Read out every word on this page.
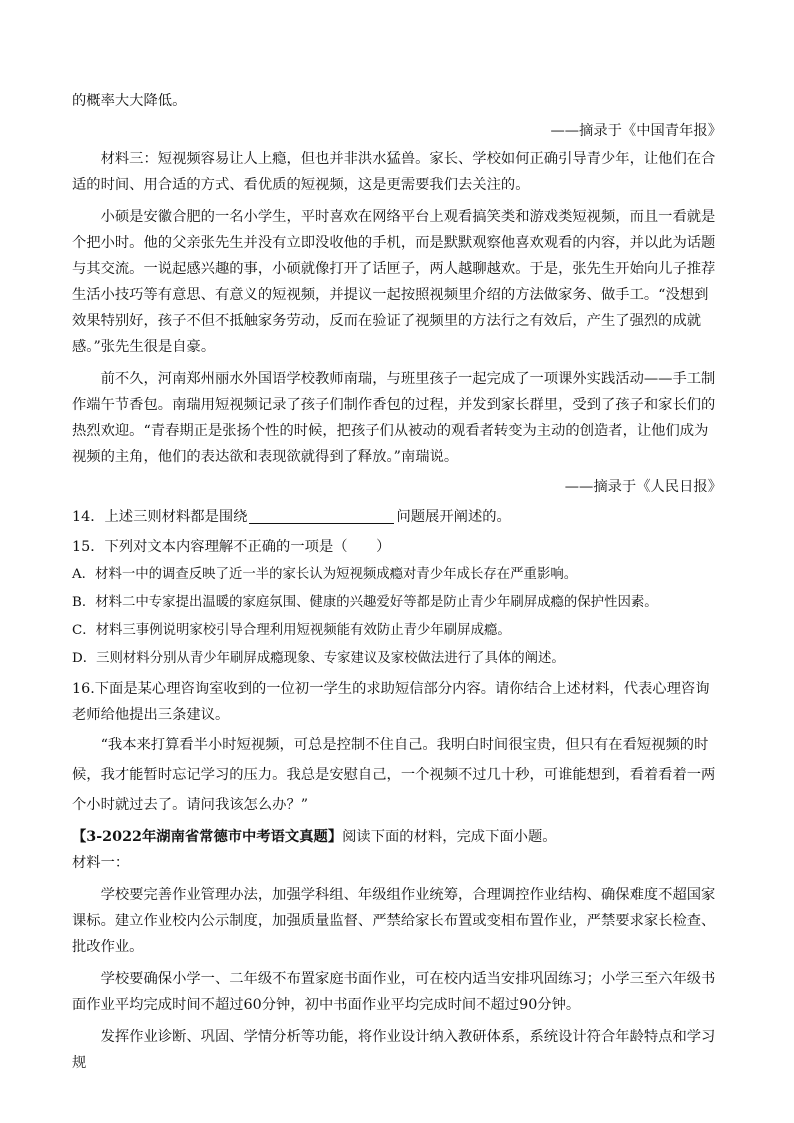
的概率大大降低。

——摘录于《中国青年报》

材料三：短视频容易让人上瘾，但也并非洪水猛兽。家长、学校如何正确引导青少年，让他们在合适的时间、用合适的方式、看优质的短视频，这是更需要我们去关注的。

小硕是安徽合肥的一名小学生，平时喜欢在网络平台上观看搞笑类和游戏类短视频，而且一看就是个把小时。他的父亲张先生并没有立即没收他的手机，而是默默观察他喜欢观看的内容，并以此为话题与其交流。一说起感兴趣的事，小硕就像打开了话匣子，两人越聊越欢。于是，张先生开始向儿子推荐生活小技巧等有意思、有意义的短视频，并提议一起按照视频里介绍的方法做家务、做手工。“没想到效果特别好，孩子不但不抵触家务劳动，反而在验证了视频里的方法行之有效后，产生了强烈的成就感。”张先生很是自豪。

前不久，河南郑州丽水外国语学校教师南瑞，与班里孩子一起完成了一项课外实践活动——手工制作端午节香包。南瑞用短视频记录了孩子们制作香包的过程，并发到家长群里，受到了孩子和家长们的热烈欢迎。“青春期正是张扬个性的时候，把孩子们从被动的观看者转变为主动的创造者，让他们成为视频的主角，他们的表达欲和表现欲就得到了释放。”南瑞说。

——摘录于《人民日报》

14．上述三则材料都是围绕	问题展开阐述的。

15．下列对文本内容理解不正确的一项是（　　）

A．材料一中的调查反映了近一半的家长认为短视频成瘾对青少年成长存在严重影响。

B．材料二中专家提出温暖的家庭氛围、健康的兴趣爱好等都是防止青少年刷屏成瘾的保护性因素。

C．材料三事例说明家校引导合理利用短视频能有效防止青少年刷屏成瘾。

D．三则材料分别从青少年刷屏成瘾现象、专家建议及家校做法进行了具体的阐述。

16.下面是某心理咨询室收到的一位初一学生的求助短信部分内容。请你结合上述材料，代表心理咨询老师给他提出三条建议。

“我本来打算看半小时短视频，可总是控制不住自己。我明白时间很宝贵，但只有在看短视频的时候，我才能暂时忘记学习的压力。我总是安慰自己，一个视频不过几十秒，可谁能想到，看着看着一两个小时就过去了。请问我该怎么办？”

【3-2022年湖南省常德市中考语文真题】阅读下面的材料，完成下面小题。

材料一：

学校要完善作业管理办法，加强学科组、年级组作业统筹，合理调控作业结构、确保难度不超国家课标。建立作业校内公示制度，加强质量监督、严禁给家长布置或变相布置作业，严禁要求家长检查、批改作业。

学校要确保小学一、二年级不布置家庭书面作业，可在校内适当安排巩固练习；小学三至六年级书面作业平均完成时间不超过60分钟，初中书面作业平均完成时间不超过90分钟。

发挥作业诊断、巩固、学情分析等功能，将作业设计纳入教研体系，系统设计符合年龄特点和学习规
